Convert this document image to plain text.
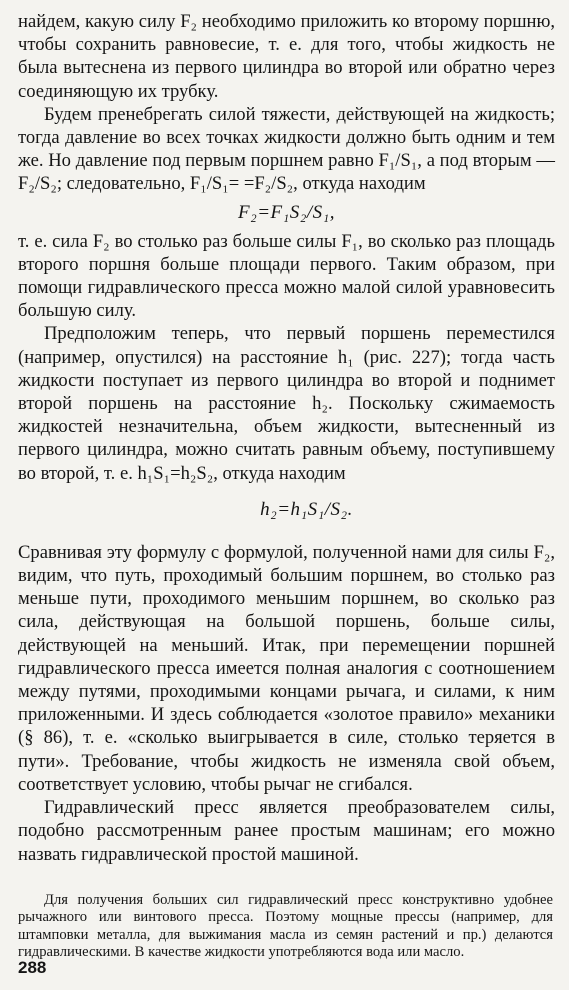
найдем, какую силу F₂ необходимо приложить ко второму поршню, чтобы сохранить равновесие, т. е. для того, чтобы жидкость не была вытеснена из первого цилиндра во второй или обратно через соединяющую их трубку.

Будем пренебрегать силой тяжести, действующей на жидкость; тогда давление во всех точках жидкости должно быть одним и тем же. Но давление под первым поршнем равно F₁/S₁, а под вторым — F₂/S₂; следовательно, F₁/S₁= =F₂/S₂, откуда находим

F₂=F₁S₂/S₁,

т. е. сила F₂ во столько раз больше силы F₁, во сколько раз площадь второго поршня больше площади первого. Таким образом, при помощи гидравлического пресса можно малой силой уравновесить большую силу.

Предположим теперь, что первый поршень переместился (например, опустился) на расстояние h₁ (рис. 227); тогда часть жидкости поступает из первого цилиндра во второй и поднимет второй поршень на расстояние h₂. Поскольку сжимаемость жидкостей незначительна, объем жидкости, вытесненный из первого цилиндра, можно считать равным объему, поступившему во второй, т. е. h₁S₁=h₂S₂, откуда находим

h₂=h₁S₁/S₂.

Сравнивая эту формулу с формулой, полученной нами для силы F₂, видим, что путь, проходимый большим поршнем, во столько раз меньше пути, проходимого меньшим поршнем, во сколько раз сила, действующая на большой поршень, больше силы, действующей на меньший. Итак, при перемещении поршней гидравлического пресса имеется полная аналогия с соотношением между путями, проходимыми концами рычага, и силами, к ним приложенными. И здесь соблюдается «золотое правило» механики (§ 86), т. е. «сколько выигрывается в силе, столько теряется в пути». Требование, чтобы жидкость не изменяла свой объем, соответствует условию, чтобы рычаг не сгибался.

Гидравлический пресс является преобразователем силы, подобно рассмотренным ранее простым машинам; его можно назвать гидравлической простой машиной.

Для получения больших сил гидравлический пресс конструктивно удобнее рычажного или винтового пресса. Поэтому мощные прессы (например, для штамповки металла, для выжимания масла из семян растений и пр.) делаются гидравлическими. В качестве жидкости употребляются вода или масло.

288
